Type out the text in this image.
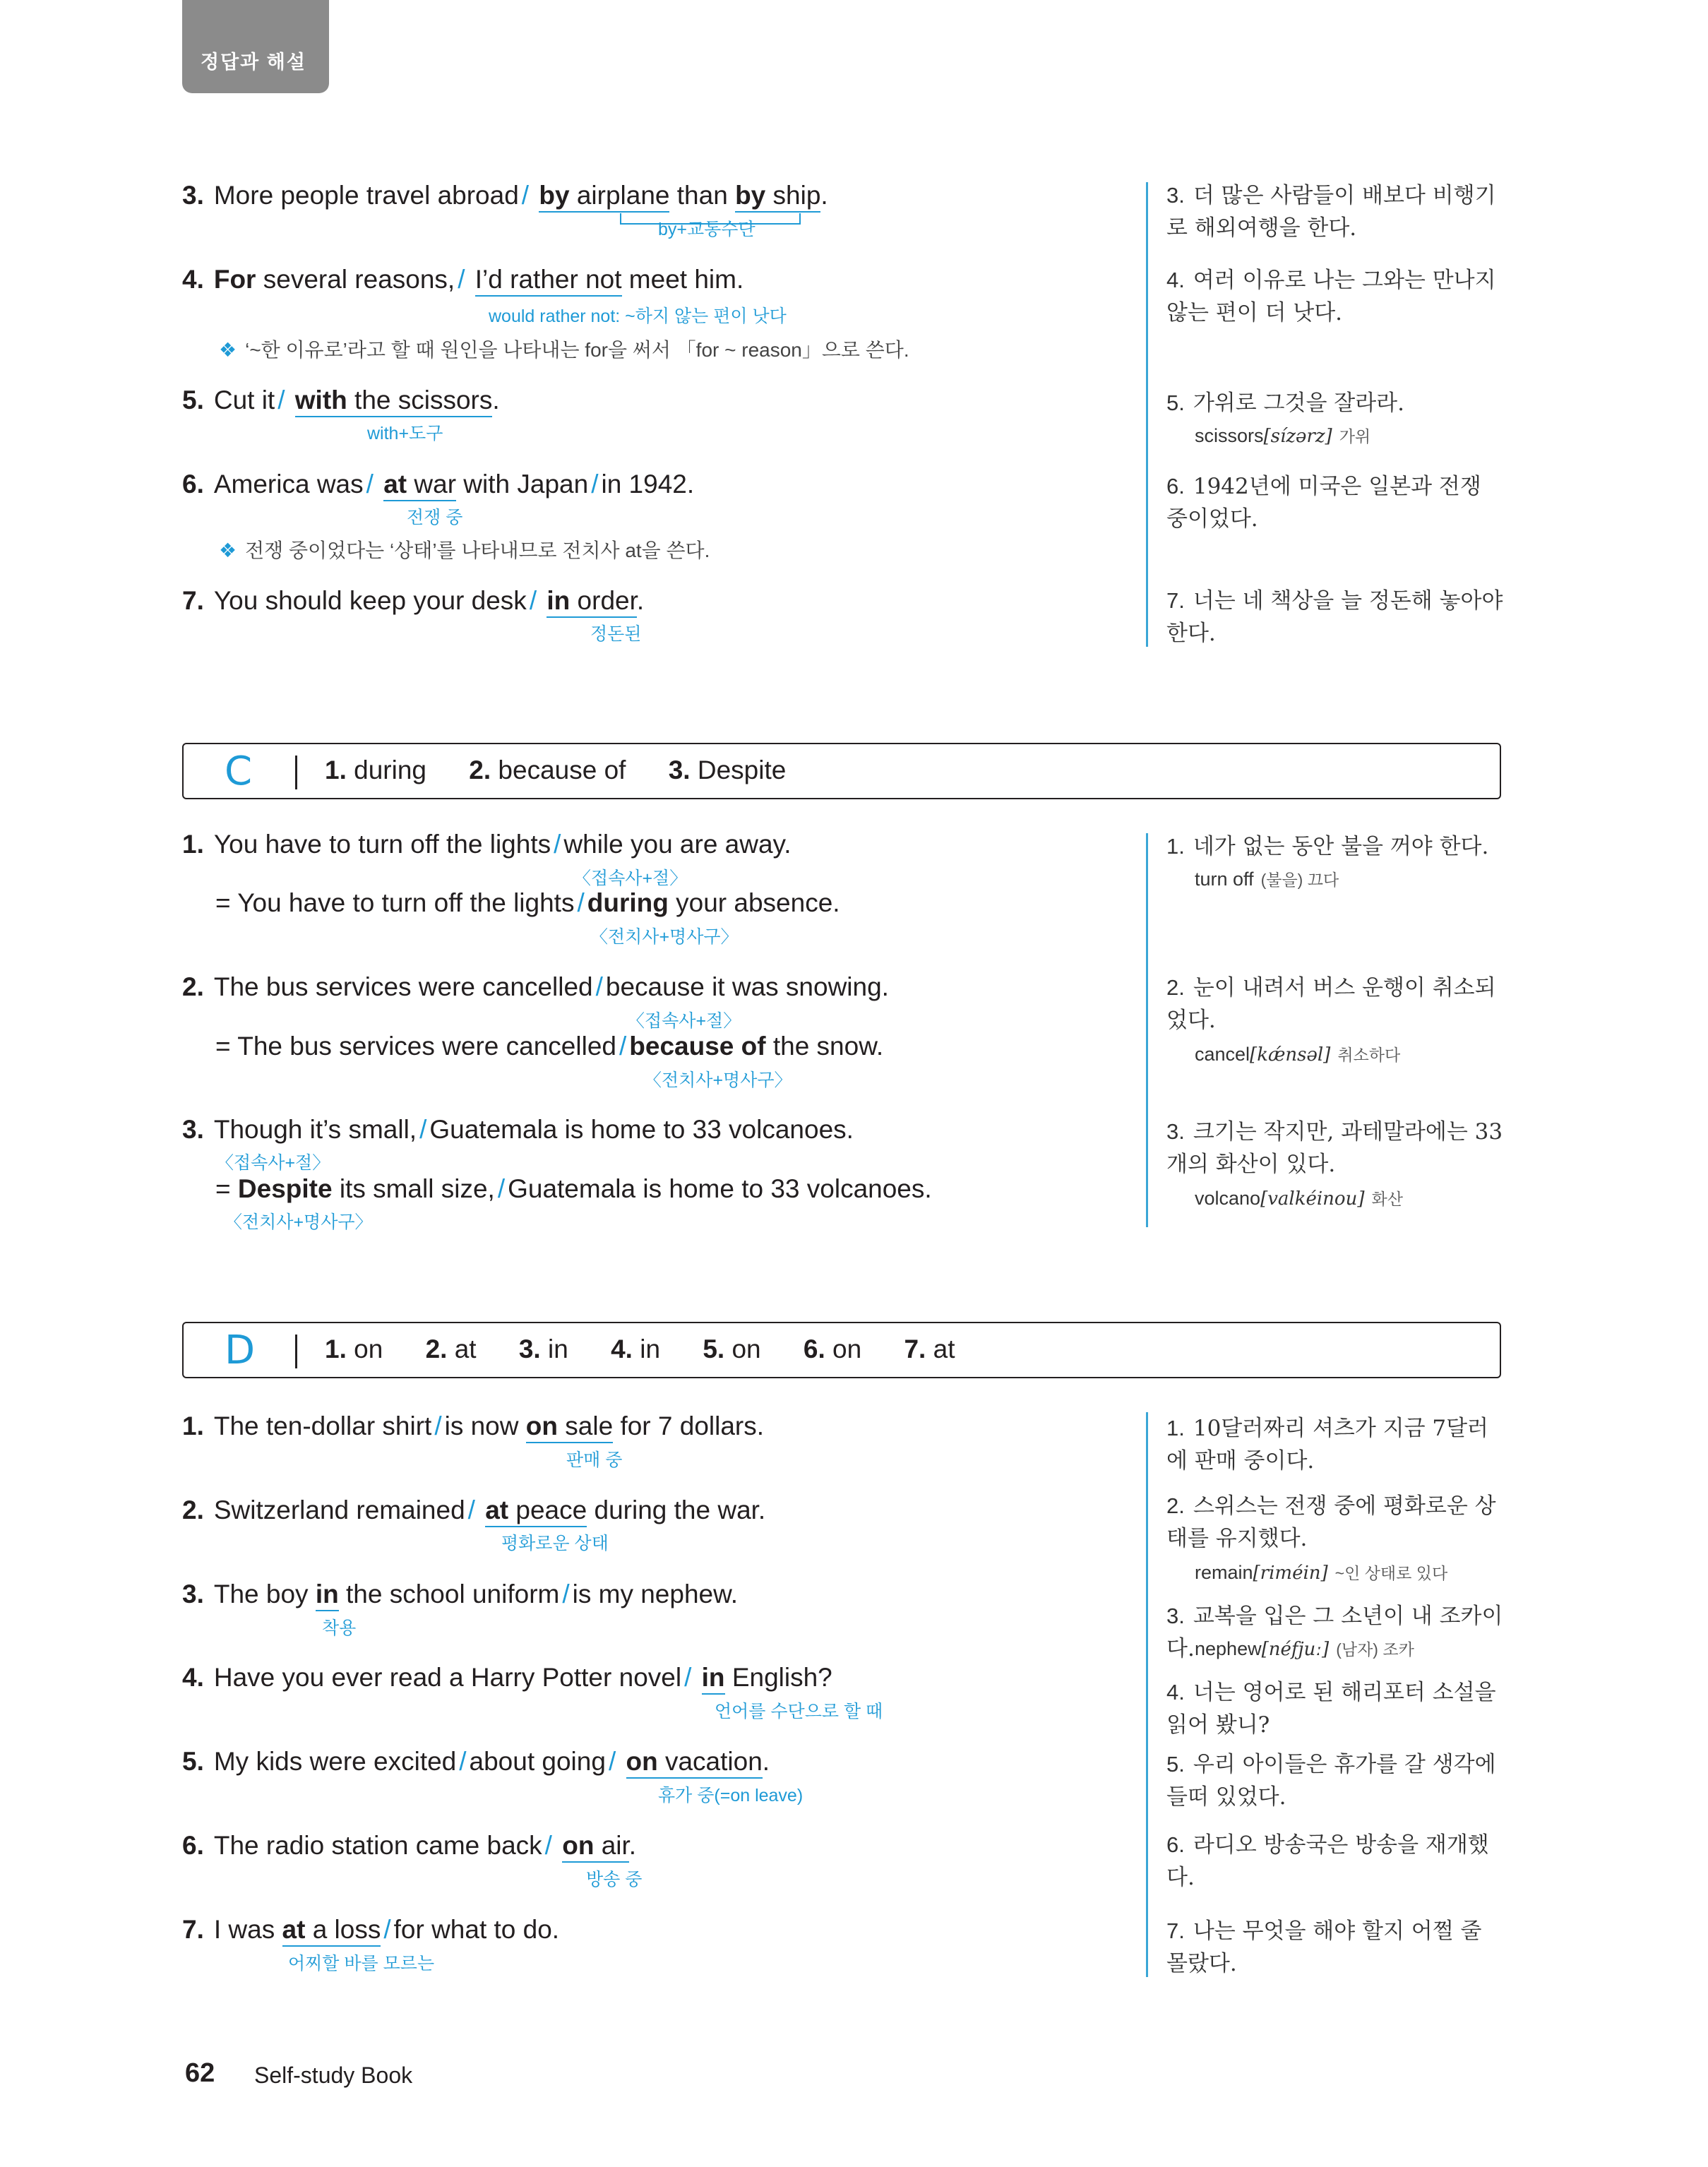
정답과 해설
3. More people travel abroad / by airplane than by ship.
by+교통수단
3. 더 많은 사람들이 배보다 비행기로 해외여행을 한다.
4. For several reasons, / I’d rather not meet him.
would rather not: ~하지 않는 편이 낫다
❖ ‘~한 이유로’라고 할 때 원인을 나타내는 for을 써서 「for ~ reason」으로 쓴다.
4. 여러 이유로 나는 그와는 만나지 않는 편이 더 낫다.
5. Cut it / with the scissors.
with+도구
5. 가위로 그것을 잘라라.
scissors[sízərz] 가위
6. America was / at war with Japan / in 1942.
전쟁 중
❖ 전쟁 중이었다는 ‘상태’를 나타내므로 전치사 at을 쓴다.
6. 1942년에 미국은 일본과 전쟁 중이었다.
7. You should keep your desk / in order.
정돈된
7. 너는 네 책상을 늘 정돈해 놓아야 한다.
C	1. during 2. because of 3. Despite
1. You have to turn off the lights / while you are away.
〈접속사+절〉
= You have to turn off the lights / during your absence.
〈전치사+명사구〉
1. 네가 없는 동안 불을 꺼야 한다.
turn off (불을) 끄다
2. The bus services were cancelled / because it was snowing.
〈접속사+절〉
= The bus services were cancelled / because of the snow.
〈전치사+명사구〉
2. 눈이 내려서 버스 운행이 취소되었다.
cancel[kǽnsəl] 취소하다
3. Though it’s small, / Guatemala is home to 33 volcanoes.
〈접속사+절〉
= Despite its small size, / Guatemala is home to 33 volcanoes.
〈전치사+명사구〉
3. 크기는 작지만, 과테말라에는 33개의 화산이 있다.
volcano[valkéinou] 화산
D	1. on 2. at 3. in 4. in 5. on 6. on 7. at
1. The ten-dollar shirt / is now on sale for 7 dollars.
판매 중
1. 10달러짜리 셔츠가 지금 7달러에 판매 중이다.
2. Switzerland remained / at peace during the war.
평화로운 상태
2. 스위스는 전쟁 중에 평화로운 상태를 유지했다.
remain[riméin] ~인 상태로 있다
3. The boy in the school uniform / is my nephew.
착용	3. 교복을 입은 그 소년이 내 조카이다. nephew[néfjuː] (남자) 조카
4. Have you ever read a Harry Potter novel / in English?
언어를 수단으로 할 때
4. 너는 영어로 된 해리포터 소설을 읽어 봤니?
5. My kids were excited / about going / on vacation.
휴가 중(=on leave)
5. 우리 아이들은 휴가를 갈 생각에 들떠 있었다.
6. The radio station came back / on air.
방송 중
6. 라디오 방송국은 방송을 재개했다.
7. I was at a loss / for what to do.
어찌할 바를 모르는
7. 나는 무엇을 해야 할지 어쩔 줄 몰랐다.
62 Self-study Book
